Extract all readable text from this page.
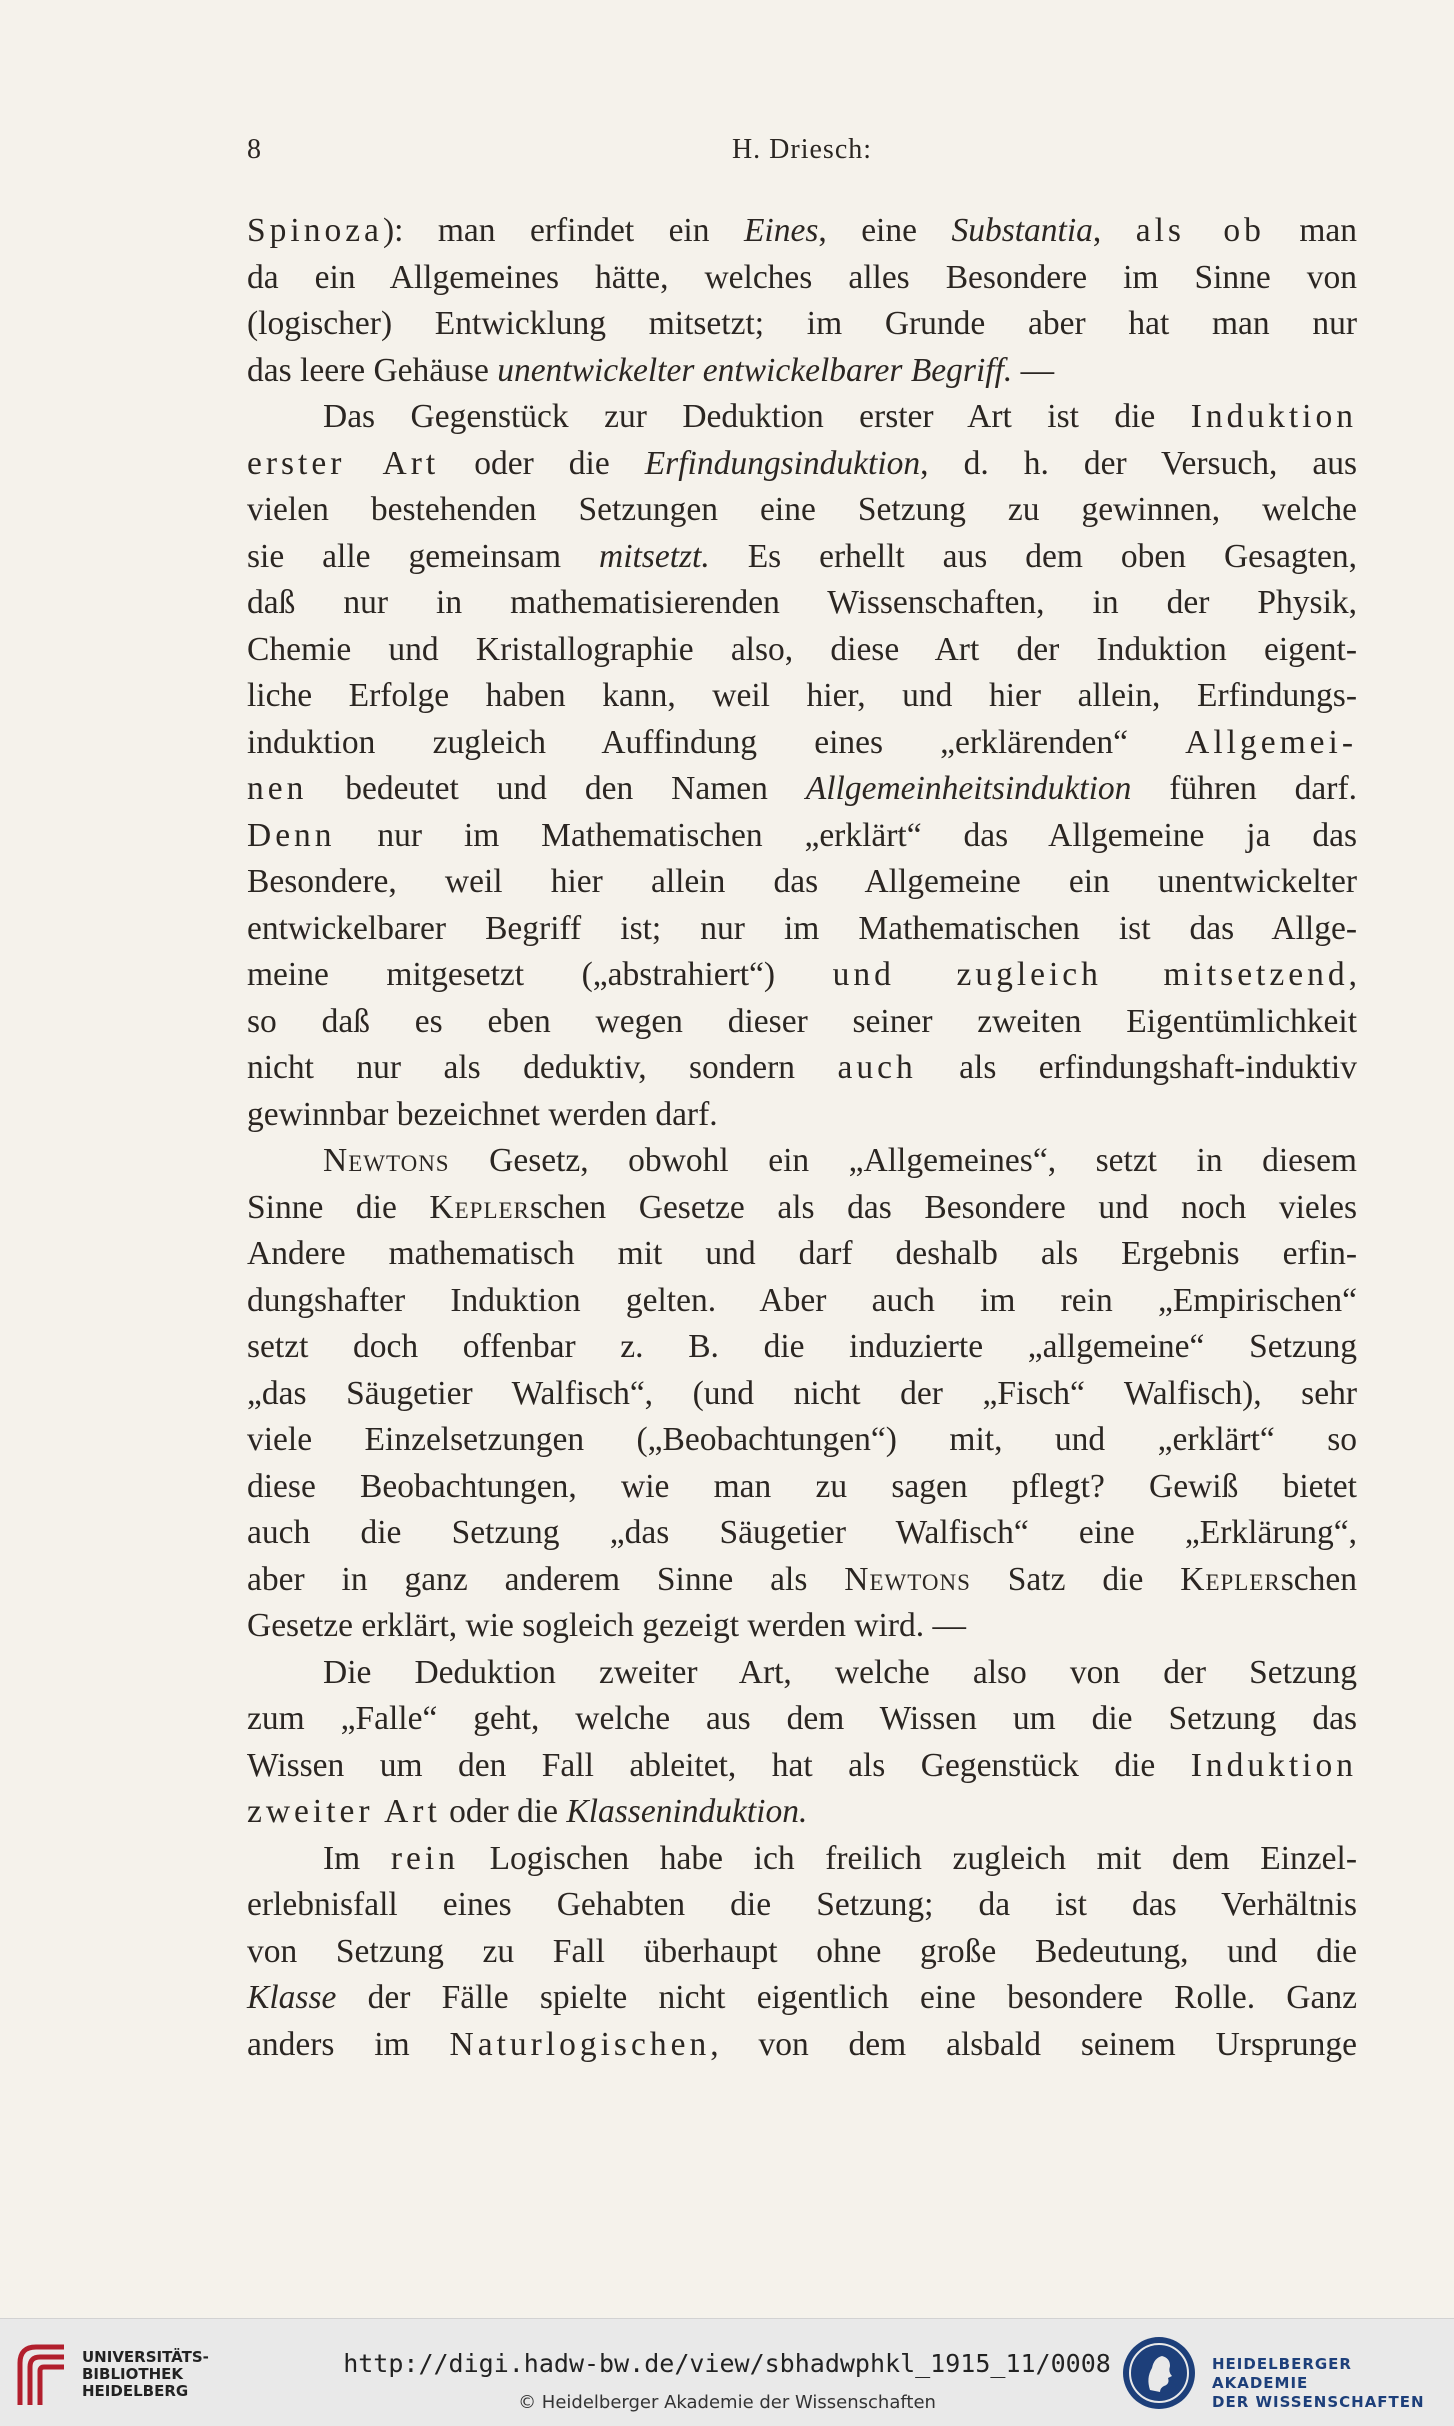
8	H. Driesch:
Spinoza): man erfindet ein Eines, eine Substantia, als ob man
da ein Allgemeines hätte, welches alles Besondere im Sinne von
(logischer) Entwicklung mitsetzt; im Grunde aber hat man nur
das leere Gehäuse unentwickelter entwickelbarer Begriff. —
Das Gegenstück zur Deduktion erster Art ist die Induktion
erster Art oder die Erfindungsinduktion, d. h. der Versuch, aus
vielen bestehenden Setzungen eine Setzung zu gewinnen, welche
sie alle gemeinsam mitsetzt. Es erhellt aus dem oben Gesagten,
daß nur in mathematisierenden Wissenschaften, in der Physik,
Chemie und Kristallographie also, diese Art der Induktion eigent-
liche Erfolge haben kann, weil hier, und hier allein, Erfindungs-
induktion zugleich Auffindung eines „erklärenden“ Allgemei-
nen bedeutet und den Namen Allgemeinheitsinduktion führen darf.
Denn nur im Mathematischen „erklärt“ das Allgemeine ja das
Besondere, weil hier allein das Allgemeine ein unentwickelter
entwickelbarer Begriff ist; nur im Mathematischen ist das Allge-
meine mitgesetzt („abstrahiert“) und zugleich mitsetzend,
so daß es eben wegen dieser seiner zweiten Eigentümlichkeit
nicht nur als deduktiv, sondern auch als erfindungshaft-induktiv
gewinnbar bezeichnet werden darf.
Newtons Gesetz, obwohl ein „Allgemeines“, setzt in diesem
Sinne die Keplerschen Gesetze als das Besondere und noch vieles
Andere mathematisch mit und darf deshalb als Ergebnis erfin-
dungshafter Induktion gelten. Aber auch im rein „Empirischen“
setzt doch offenbar z. B. die induzierte „allgemeine“ Setzung
„das Säugetier Walfisch“, (und nicht der „Fisch“ Walfisch), sehr
viele Einzelsetzungen („Beobachtungen“) mit, und „erklärt“ so
diese Beobachtungen, wie man zu sagen pflegt? Gewiß bietet
auch die Setzung „das Säugetier Walfisch“ eine „Erklärung“,
aber in ganz anderem Sinne als Newtons Satz die Keplerschen
Gesetze erklärt, wie sogleich gezeigt werden wird. —
Die Deduktion zweiter Art, welche also von der Setzung
zum „Falle“ geht, welche aus dem Wissen um die Setzung das
Wissen um den Fall ableitet, hat als Gegenstück die Induktion
zweiter Art oder die Klasseninduktion.
Im rein Logischen habe ich freilich zugleich mit dem Einzel-
erlebnisfall eines Gehabten die Setzung; da ist das Verhältnis
von Setzung zu Fall überhaupt ohne große Bedeutung, und die
Klasse der Fälle spielte nicht eigentlich eine besondere Rolle. Ganz
anders im Naturlogischen, von dem alsbald seinem Ursprunge
UNIVERSITÄTS-
BIBLIOTHEK
HEIDELBERG
http://digi.hadw-bw.de/view/sbhadwphkl_1915_11/0008
© Heidelberger Akademie der Wissenschaften
HEIDELBERGER AKADEMIE
DER WISSENSCHAFTEN
